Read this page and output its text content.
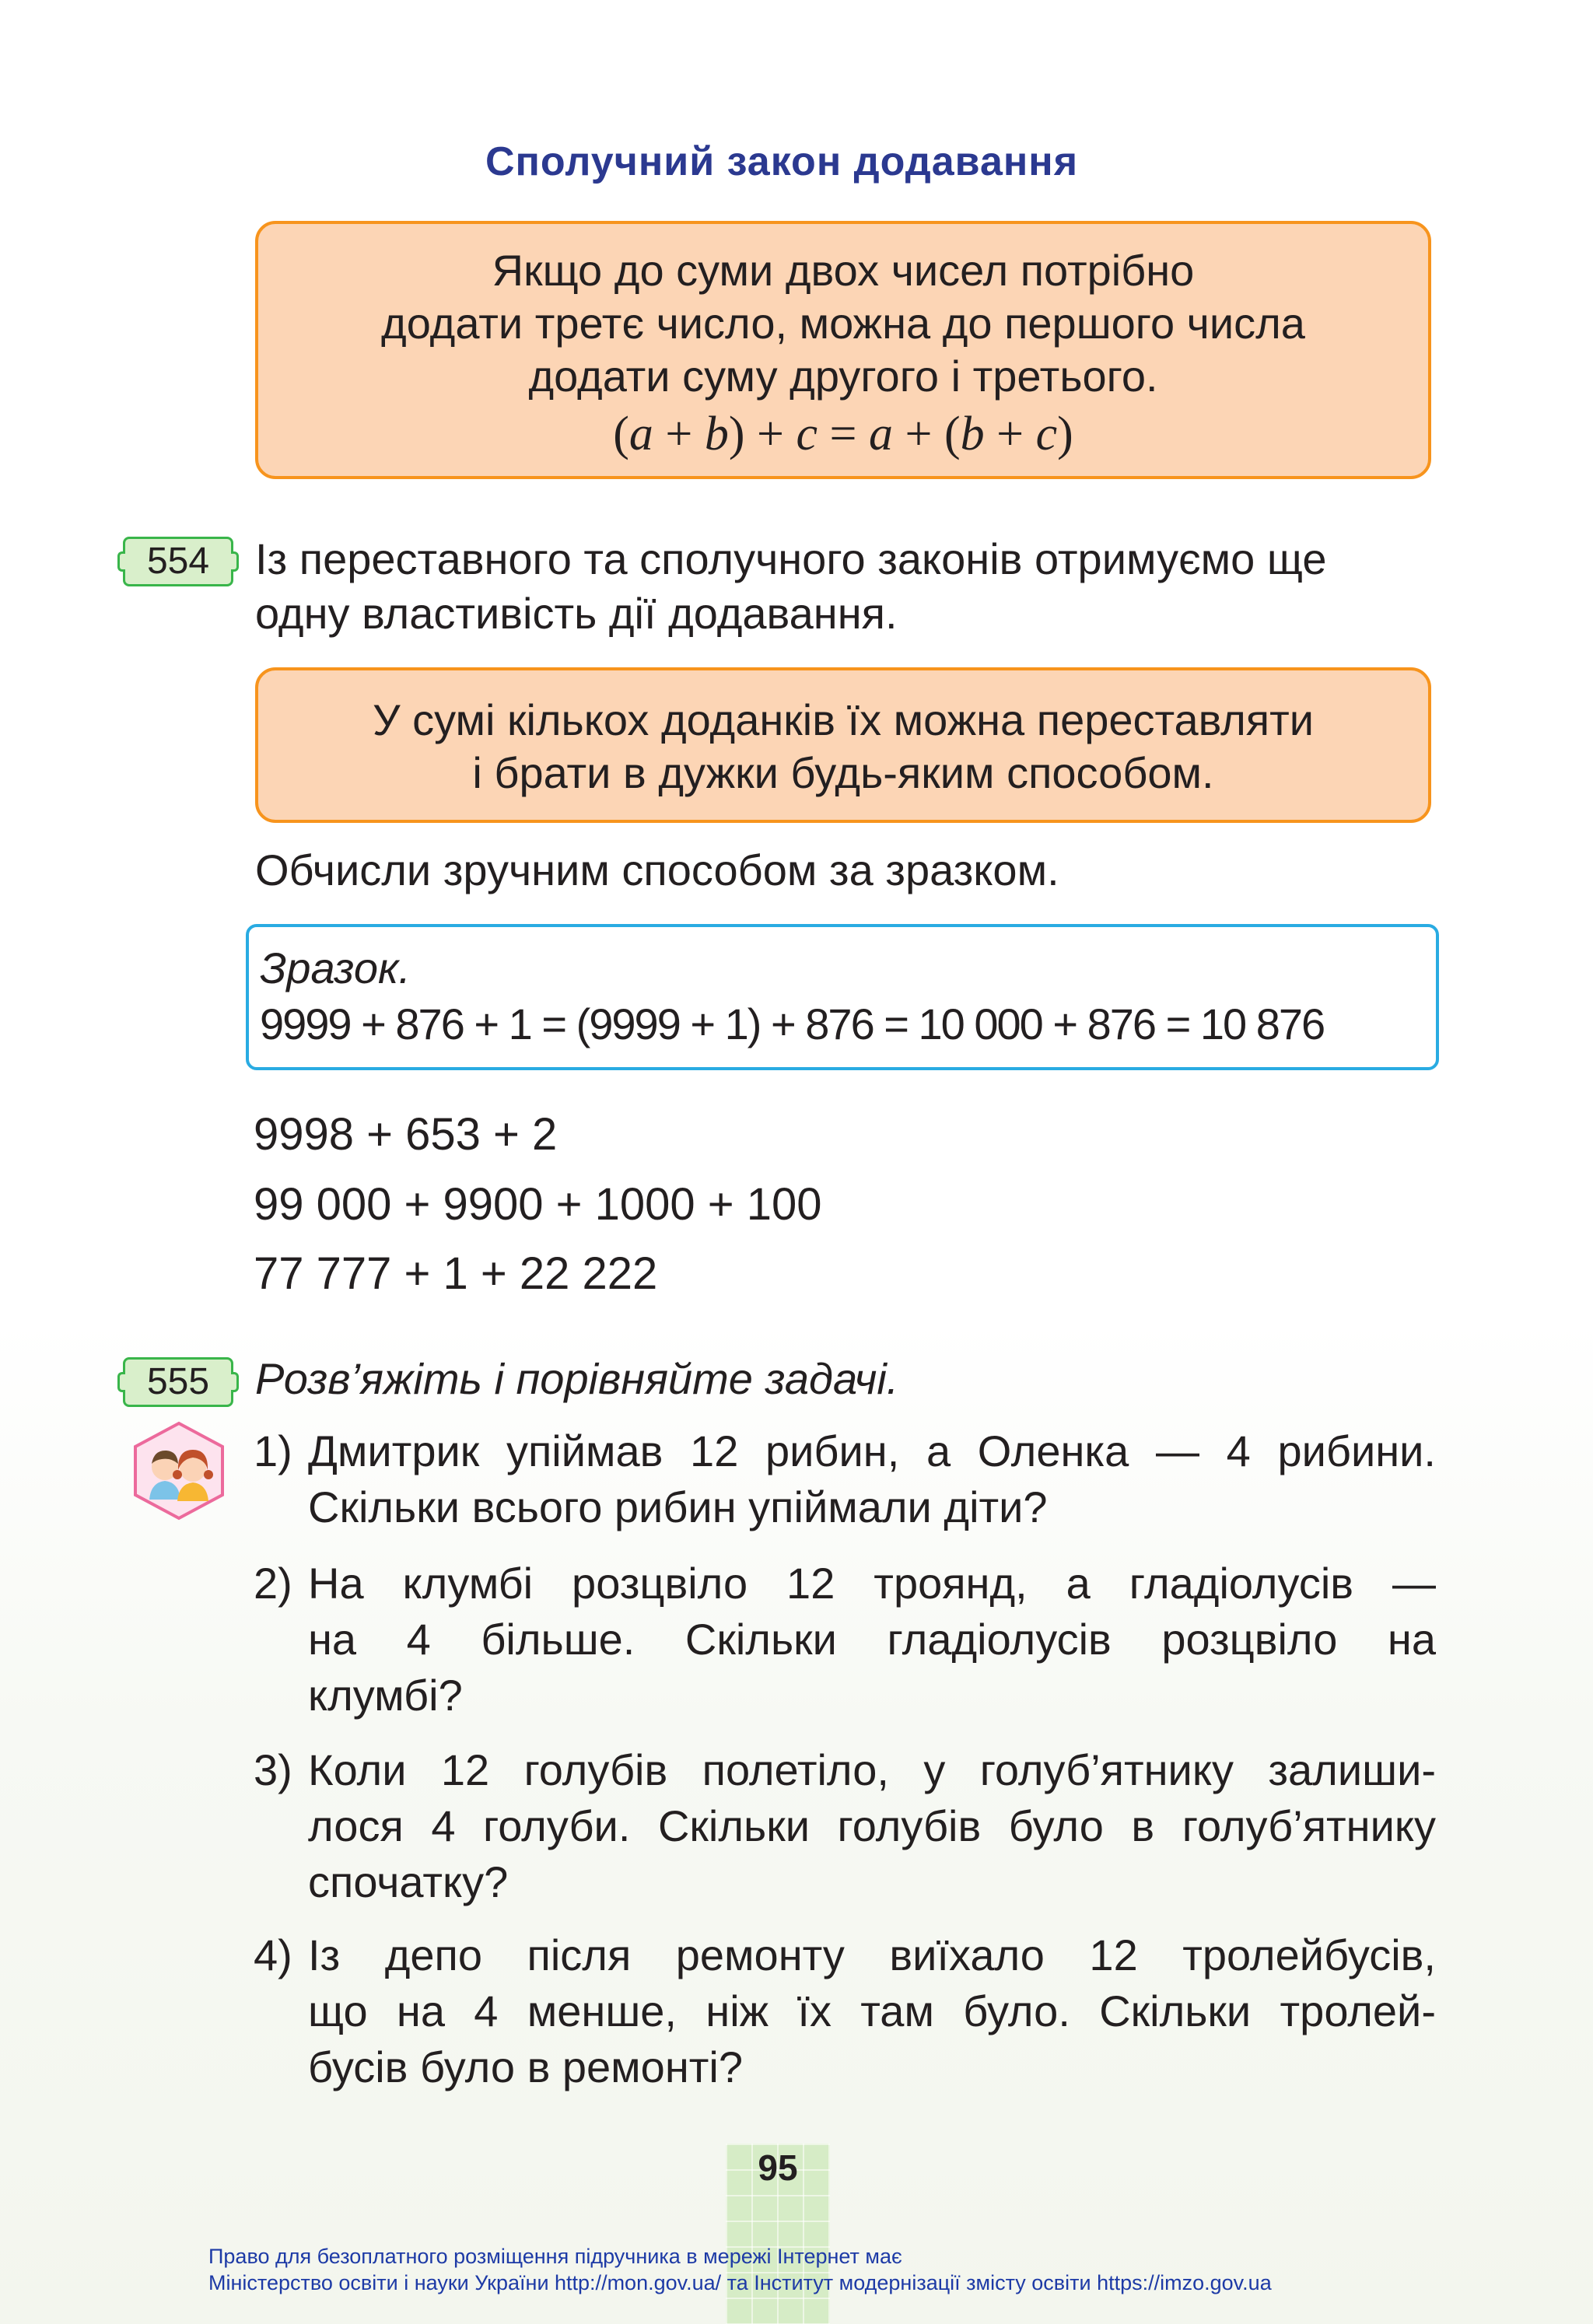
Сполучний закон додавання
Якщо до суми двох чисел потрібно
додати третє число, можна до першого числа
додати суму другого і третього.
(a + b) + c = a + (b + c)
554	Із переставного та сполучного законів отримуємо ще
одну властивість дії додавання.
У сумі кількох доданків їх можна переставляти
і брати в дужки будь-яким способом.
Обчисли зручним способом за зразком.
Зразок.
9999 + 876 + 1 = (9999 + 1) + 876 = 10 000 + 876 = 10 876
9998 + 653 + 2
99 000 + 9900 + 1000 + 100
77 777 + 1 + 22 222
555	Розв’яжіть і порівняйте задачі.
1) Дмитрик упіймав 12 рибин, а Оленка — 4 рибини.
Скільки всього рибин упіймали діти?
2) На клумбі розцвіло 12 троянд, а гладіолусів —
на 4 більше. Скільки гладіолусів розцвіло на
клумбі?
3) Коли 12 голубів полетіло, у голуб’ятнику залиши-
лося 4 голуби. Скільки голубів було в голуб’ятнику
спочатку?
4) Із депо після ремонту виїхало 12 тролейбусів,
що на 4 менше, ніж їх там було. Скільки тролей-
бусів було в ремонті?
95
Право для безоплатного розміщення підручника в мережі Інтернет має
Міністерство освіти і науки України http://mon.gov.ua/ та Інститут модернізації змісту освіти https://imzo.gov.ua
